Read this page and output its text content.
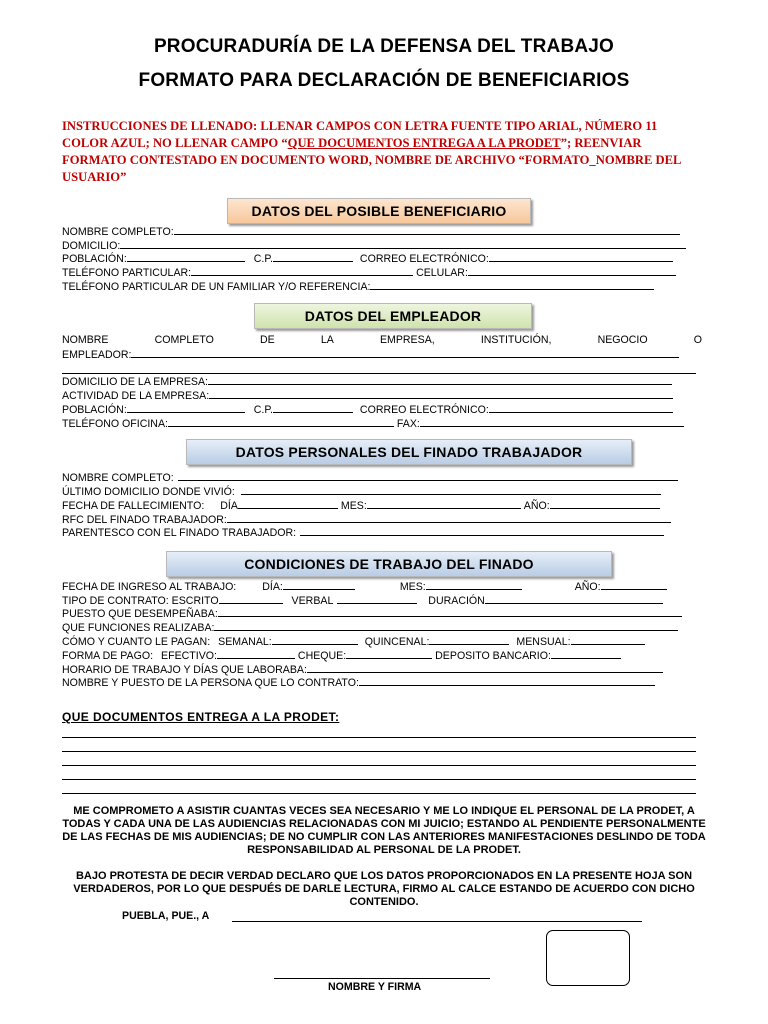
PROCURADURÍA DE LA DEFENSA DEL TRABAJO
FORMATO PARA DECLARACIÓN DE BENEFICIARIOS
INSTRUCCIONES DE LLENADO: LLENAR CAMPOS CON LETRA FUENTE TIPO ARIAL, NÚMERO 11 COLOR AZUL; NO LLENAR CAMPO “QUE DOCUMENTOS ENTREGA A LA PRODET”; REENVIAR FORMATO CONTESTADO EN DOCUMENTO WORD, NOMBRE DE ARCHIVO “FORMATO_NOMBRE DEL USUARIO”
DATOS DEL POSIBLE BENEFICIARIO
NOMBRE COMPLETO:
DOMICILIO:
POBLACIÓN:	C.P.	CORREO ELECTRÓNICO:
TELÉFONO PARTICULAR:	CELULAR:
TELÉFONO PARTICULAR DE UN FAMILIAR Y/O REFERENCIA:
DATOS DEL EMPLEADOR
NOMBRE	COMPLETO	DE	LA	EMPRESA,	INSTITUCIÓN,	NEGOCIO	O
EMPLEADOR:
DOMICILIO DE LA EMPRESA:
ACTIVIDAD DE LA EMPRESA:
POBLACIÓN:	C.P.	CORREO ELECTRÓNICO:
TELÉFONO OFICINA:	FAX:
DATOS PERSONALES DEL FINADO TRABAJADOR
NOMBRE COMPLETO:
ÚLTIMO DOMICILIO DONDE VIVIÓ:
FECHA DE FALLECIMIENTO: DÍA	MES:	AÑO:
RFC DEL FINADO TRABAJADOR:
PARENTESCO CON EL FINADO TRABAJADOR:
CONDICIONES DE TRABAJO DEL FINADO
FECHA DE INGRESO AL TRABAJO: DÍA:	MES:	AÑO:
TIPO DE CONTRATO: ESCRITO	VERBAL	DURACIÓN
PUESTO QUE DESEMPEÑABA:
QUE FUNCIONES REALIZABA:
CÓMO Y CUANTO LE PAGAN: SEMANAL:	QUINCENAL:	MENSUAL:
FORMA DE PAGO: EFECTIVO:	CHEQUE:	DEPOSITO BANCARIO:
HORARIO DE TRABAJO Y DÍAS QUE LABORABA:
NOMBRE Y PUESTO DE LA PERSONA QUE LO CONTRATO:
QUE DOCUMENTOS ENTREGA A LA PRODET:
ME COMPROMETO A ASISTIR CUANTAS VECES SEA NECESARIO Y ME LO INDIQUE EL PERSONAL DE LA PRODET, A TODAS Y CADA UNA DE LAS AUDIENCIAS RELACIONADAS CON MI JUICIO; ESTANDO AL PENDIENTE PERSONALMENTE DE LAS FECHAS DE MIS AUDIENCIAS; DE NO CUMPLIR CON LAS ANTERIORES MANIFESTACIONES DESLINDO DE TODA RESPONSABILIDAD AL PERSONAL DE LA PRODET.
BAJO PROTESTA DE DECIR VERDAD DECLARO QUE LOS DATOS PROPORCIONADOS EN LA PRESENTE HOJA SON VERDADEROS, POR LO QUE DESPUÉS DE DARLE LECTURA, FIRMO AL CALCE ESTANDO DE ACUERDO CON DICHO CONTENIDO.
PUEBLA, PUE., A
NOMBRE Y FIRMA
